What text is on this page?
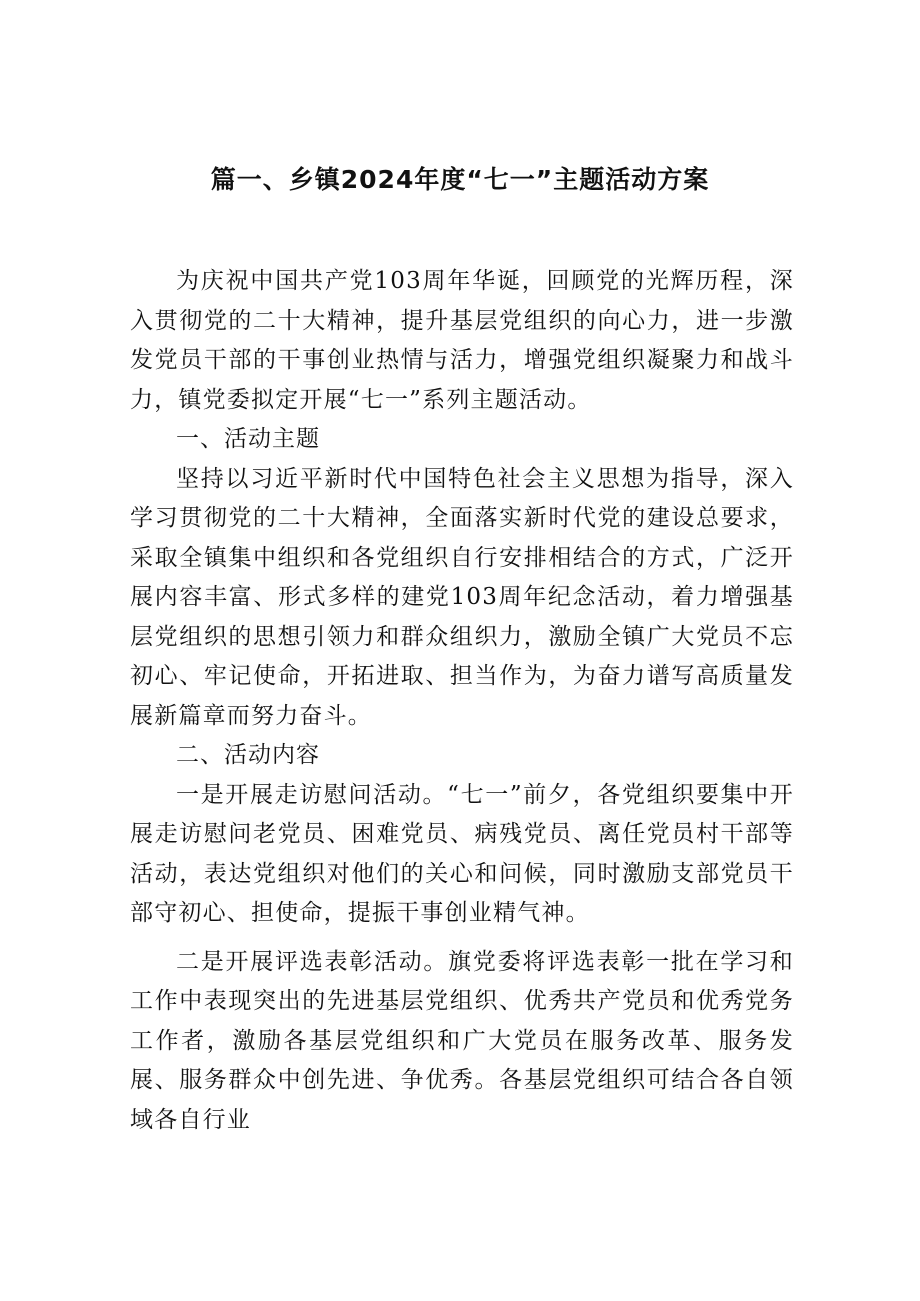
篇一、乡镇2024年度“七一”主题活动方案

为庆祝中国共产党103周年华诞，回顾党的光辉历程，深入贯彻党的二十大精神，提升基层党组织的向心力，进一步激发党员干部的干事创业热情与活力，增强党组织凝聚力和战斗力，镇党委拟定开展“七一”系列主题活动。

一、活动主题

坚持以习近平新时代中国特色社会主义思想为指导，深入学习贯彻党的二十大精神，全面落实新时代党的建设总要求，采取全镇集中组织和各党组织自行安排相结合的方式，广泛开展内容丰富、形式多样的建党103周年纪念活动，着力增强基层党组织的思想引领力和群众组织力，激励全镇广大党员不忘初心、牢记使命，开拓进取、担当作为，为奋力谱写高质量发展新篇章而努力奋斗。

二、活动内容

一是开展走访慰问活动。“七一”前夕，各党组织要集中开展走访慰问老党员、困难党员、病残党员、离任党员村干部等活动，表达党组织对他们的关心和问候，同时激励支部党员干部守初心、担使命，提振干事创业精气神。

二是开展评选表彰活动。旗党委将评选表彰一批在学习和工作中表现突出的先进基层党组织、优秀共产党员和优秀党务工作者，激励各基层党组织和广大党员在服务改革、服务发展、服务群众中创先进、争优秀。各基层党组织可结合各自领域各自行业
